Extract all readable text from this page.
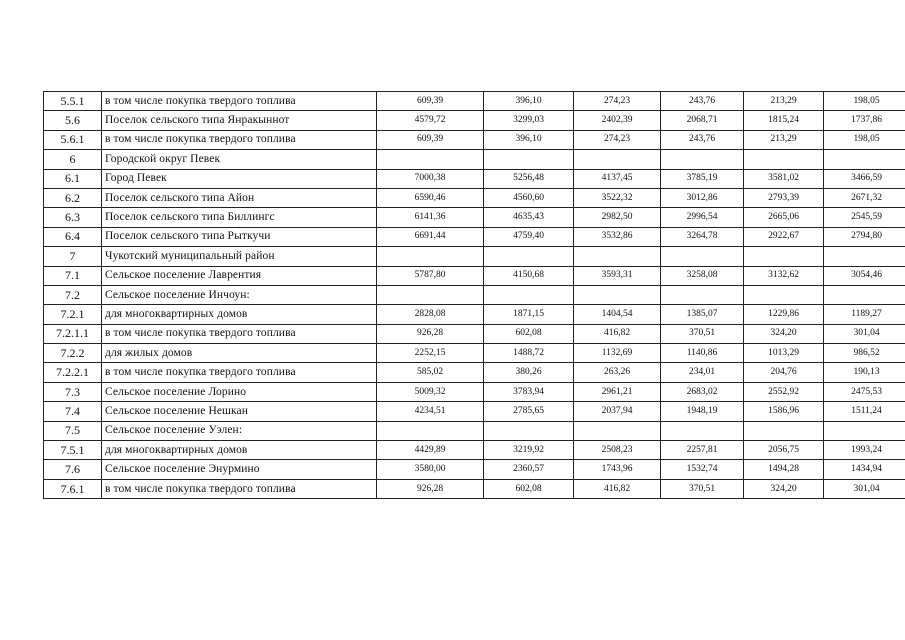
5.5.1	в том числе покупка твердого топлива	609,39	396,10	274,23	243,76	213,29	198,05
5.6	Поселок сельского типа Янракыннот	4579,72	3299,03	2402,39	2068,71	1815,24	1737,86
5.6.1	в том числе покупка твердого топлива	609,39	396,10	274,23	243,76	213,29	198,05
6	Городской округ Певек						
6.1	Город Певек	7000,38	5256,48	4137,45	3785,19	3581,02	3466,59
6.2	Поселок сельского типа Айон	6590,46	4560,60	3522,32	3012,86	2793,39	2671,32
6.3	Поселок сельского типа Биллингс	6141,36	4635,43	2982,50	2996,54	2665,06	2545,59
6.4	Поселок сельского типа Рыткучи	6691,44	4759,40	3532,86	3264,78	2922,67	2794,80
7	Чукотский муниципальный район						
7.1	Сельское поселение Лаврентия	5787,80	4150,68	3593,31	3258,08	3132,62	3054,46
7.2	Сельское поселение Инчоун:						
7.2.1	для многоквартирных домов	2828,08	1871,15	1404,54	1385,07	1229,86	1189,27
7.2.1.1	в том числе покупка твердого топлива	926,28	602,08	416,82	370,51	324,20	301,04
7.2.2	для жилых домов	2252,15	1488,72	1132,69	1140,86	1013,29	986,52
7.2.2.1	в том числе покупка твердого топлива	585,02	380,26	263,26	234,01	204,76	190,13
7.3	Сельское поселение Лорино	5009,32	3783,94	2961,21	2683,02	2552,92	2475,53
7.4	Сельское поселение Нешкан	4234,51	2785,65	2037,94	1948,19	1586,96	1511,24
7.5	Сельское поселение Уэлен:						
7.5.1	для многоквартирных домов	4429,89	3219,92	2508,23	2257,81	2056,75	1993,24
7.6	Сельское поселение Энурмино	3580,00	2360,57	1743,96	1532,74	1494,28	1434,94
7.6.1	в том числе покупка твердого топлива	926,28	602,08	416,82	370,51	324,20	301,04
